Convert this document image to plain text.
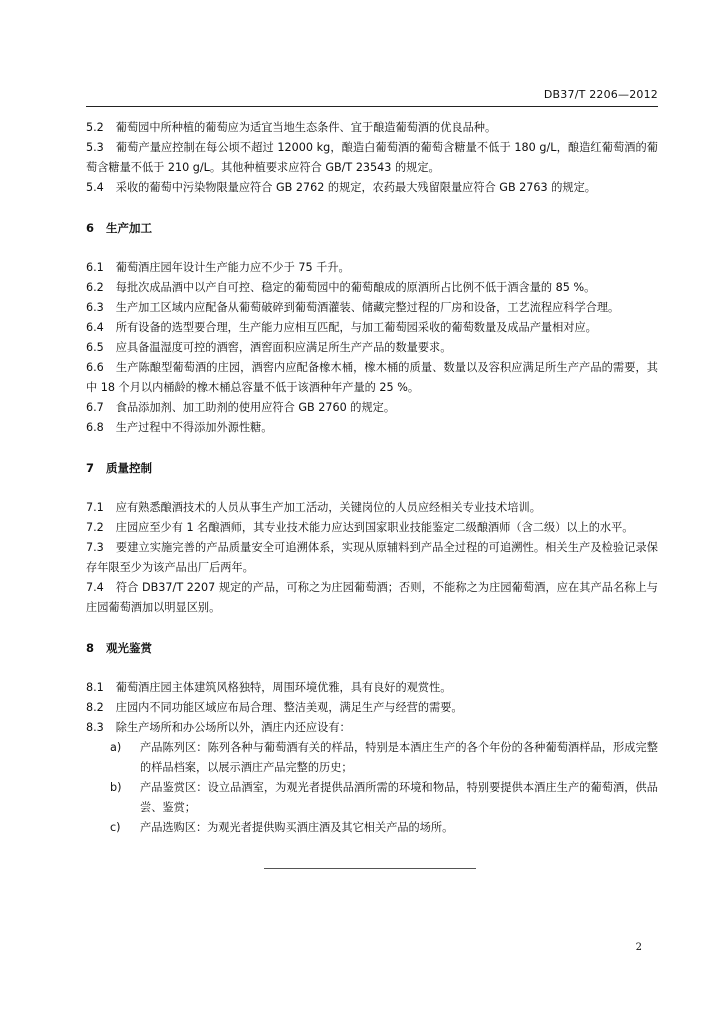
DB37/T 2206—2012

5.2 葡萄园中所种植的葡萄应为适宜当地生态条件、宜于酿造葡萄酒的优良品种。

5.3 葡萄产量应控制在每公顷不超过 12000 kg，酿造白葡萄酒的葡萄含糖量不低于 180 g/L，酿造红葡萄酒的葡萄含糖量不低于 210 g/L。其他种植要求应符合 GB/T 23543 的规定。

5.4 采收的葡萄中污染物限量应符合 GB 2762 的规定，农药最大残留限量应符合 GB 2763 的规定。

6 生产加工

6.1 葡萄酒庄园年设计生产能力应不少于 75 千升。

6.2 每批次成品酒中以产自可控、稳定的葡萄园中的葡萄酿成的原酒所占比例不低于酒含量的 85 %。

6.3 生产加工区域内应配备从葡萄破碎到葡萄酒灌装、储藏完整过程的厂房和设备，工艺流程应科学合理。

6.4 所有设备的选型要合理，生产能力应相互匹配，与加工葡萄园采收的葡萄数量及成品产量相对应。

6.5 应具备温湿度可控的酒窖，酒窖面积应满足所生产产品的数量要求。

6.6 生产陈酿型葡萄酒的庄园，酒窖内应配备橡木桶，橡木桶的质量、数量以及容积应满足所生产产品的需要，其中 18 个月以内桶龄的橡木桶总容量不低于该酒种年产量的 25 %。

6.7 食品添加剂、加工助剂的使用应符合 GB 2760 的规定。

6.8 生产过程中不得添加外源性糖。

7 质量控制

7.1 应有熟悉酿酒技术的人员从事生产加工活动，关键岗位的人员应经相关专业技术培训。

7.2 庄园应至少有 1 名酿酒师，其专业技术能力应达到国家职业技能鉴定二级酿酒师（含二级）以上的水平。

7.3 要建立实施完善的产品质量安全可追溯体系，实现从原辅料到产品全过程的可追溯性。相关生产及检验记录保存年限至少为该产品出厂后两年。

7.4 符合 DB37/T 2207 规定的产品，可称之为庄园葡萄酒；否则，不能称之为庄园葡萄酒，应在其产品名称上与庄园葡萄酒加以明显区别。

8 观光鉴赏

8.1 葡萄酒庄园主体建筑风格独特，周围环境优雅，具有良好的观赏性。

8.2 庄园内不同功能区域应布局合理、整洁美观，满足生产与经营的需要。

8.3 除生产场所和办公场所以外，酒庄内还应设有：

a) 产品陈列区：陈列各种与葡萄酒有关的样品，特别是本酒庄生产的各个年份的各种葡萄酒样品，形成完整的样品档案，以展示酒庄产品完整的历史；
b) 产品鉴赏区：设立品酒室，为观光者提供品酒所需的环境和物品，特别要提供本酒庄生产的葡萄酒，供品尝、鉴赏；
c) 产品选购区：为观光者提供购买酒庄酒及其它相关产品的场所。
2
